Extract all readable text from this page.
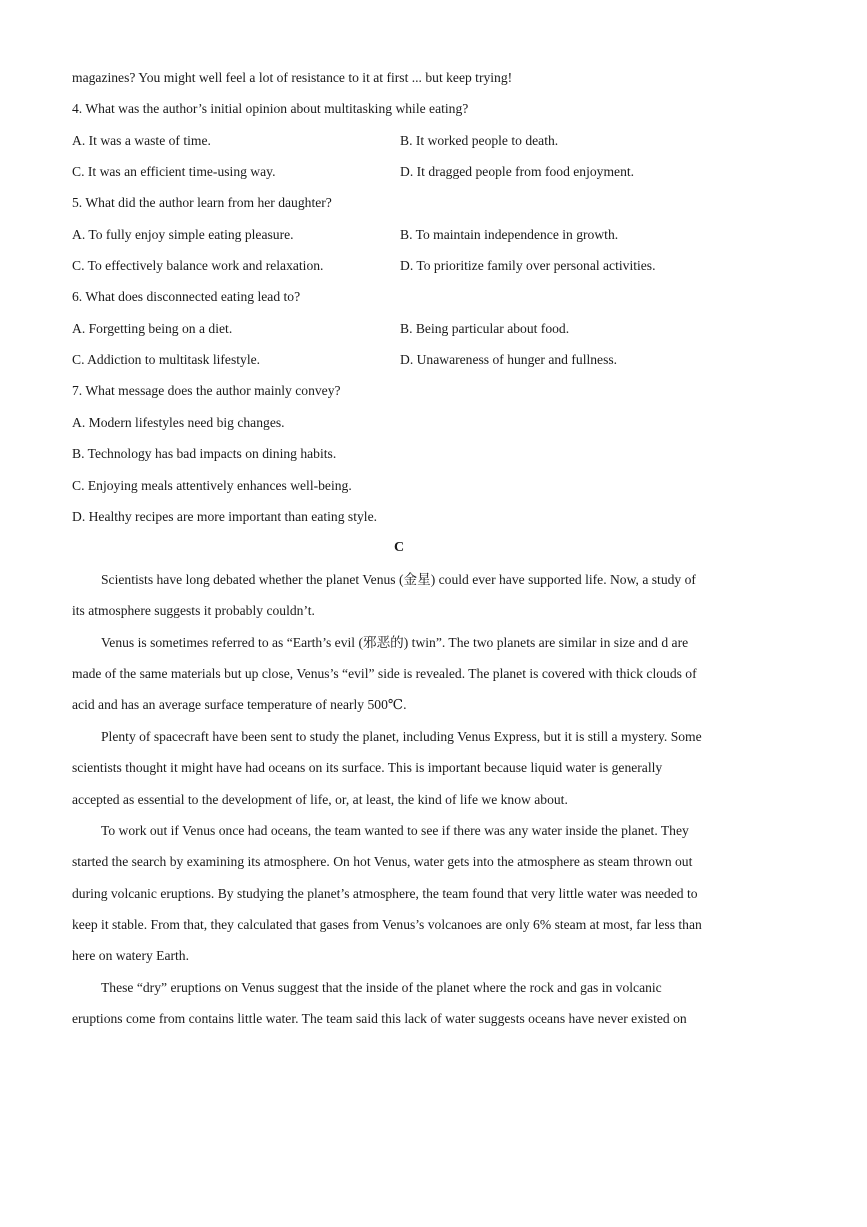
magazines? You might well feel a lot of resistance to it at first ... but keep trying!
4. What was the author’s initial opinion about multitasking while eating?
A. It was a waste of time.	B. It worked people to death.
C. It was an efficient time-using way.	D. It dragged people from food enjoyment.
5. What did the author learn from her daughter?
A. To fully enjoy simple eating pleasure.	B. To maintain independence in growth.
C. To effectively balance work and relaxation.	D. To prioritize family over personal activities.
6. What does disconnected eating lead to?
A. Forgetting being on a diet.	B. Being particular about food.
C. Addiction to multitask lifestyle.	D. Unawareness of hunger and fullness.
7. What message does the author mainly convey?
A. Modern lifestyles need big changes.
B. Technology has bad impacts on dining habits.
C. Enjoying meals attentively enhances well-being.
D. Healthy recipes are more important than eating style.
C
Scientists have long debated whether the planet Venus (金星) could ever have supported life. Now, a study of
its atmosphere suggests it probably couldn’t.
Venus is sometimes referred to as “Earth’s evil (邪恶的) twin”. The two planets are similar in size and d are
made of the same materials but up close, Venus’s “evil” side is revealed. The planet is covered with thick clouds of
acid and has an average surface temperature of nearly 500℃.
Plenty of spacecraft have been sent to study the planet, including Venus Express, but it is still a mystery. Some
scientists thought it might have had oceans on its surface. This is important because liquid water is generally
accepted as essential to the development of life, or, at least, the kind of life we know about.
To work out if Venus once had oceans, the team wanted to see if there was any water inside the planet. They
started the search by examining its atmosphere. On hot Venus, water gets into the atmosphere as steam thrown out
during volcanic eruptions. By studying the planet’s atmosphere, the team found that very little water was needed to
keep it stable. From that, they calculated that gases from Venus’s volcanoes are only 6% steam at most, far less than
here on watery Earth.
These “dry” eruptions on Venus suggest that the inside of the planet where the rock and gas in volcanic
eruptions come from contains little water. The team said this lack of water suggests oceans have never existed on
